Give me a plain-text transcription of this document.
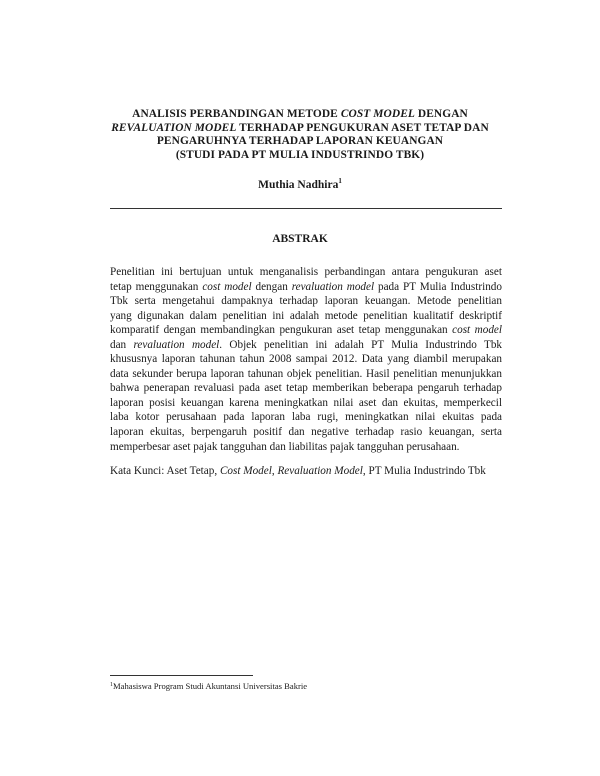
ANALISIS PERBANDINGAN METODE COST MODEL DENGAN
REVALUATION MODEL TERHADAP PENGUKURAN ASET TETAP DAN
PENGARUHNYA TERHADAP LAPORAN KEUANGAN
(STUDI PADA PT MULIA INDUSTRINDO TBK)
Muthia Nadhira$^1$
ABSTRAK
Penelitian ini bertujuan untuk menganalisis perbandingan antara pengukuran aset
tetap menggunakan cost model dengan revaluation model pada PT Mulia Industrindo
Tbk serta mengetahui dampaknya terhadap laporan keuangan. Metode penelitian
yang digunakan dalam penelitian ini adalah metode penelitian kualitatif deskriptif
komparatif dengan membandingkan pengukuran aset tetap menggunakan cost model
dan revaluation model. Objek penelitian ini adalah PT Mulia Industrindo Tbk
khususnya laporan tahunan tahun 2008 sampai 2012. Data yang diambil merupakan
data sekunder berupa laporan tahunan objek penelitian. Hasil penelitian menunjukkan
bahwa penerapan revaluasi pada aset tetap memberikan beberapa pengaruh terhadap
laporan posisi keuangan karena meningkatkan nilai aset dan ekuitas, memperkecil
laba kotor perusahaan pada laporan laba rugi, meningkatkan nilai ekuitas pada
laporan ekuitas, berpengaruh positif dan negative terhadap rasio keuangan, serta
memperbesar aset pajak tangguhan dan liabilitas pajak tangguhan perusahaan.
Kata Kunci: Aset Tetap, Cost Model, Revaluation Model, PT Mulia Industrindo Tbk
$^1$Mahasiswa Program Studi Akuntansi Universitas Bakrie
